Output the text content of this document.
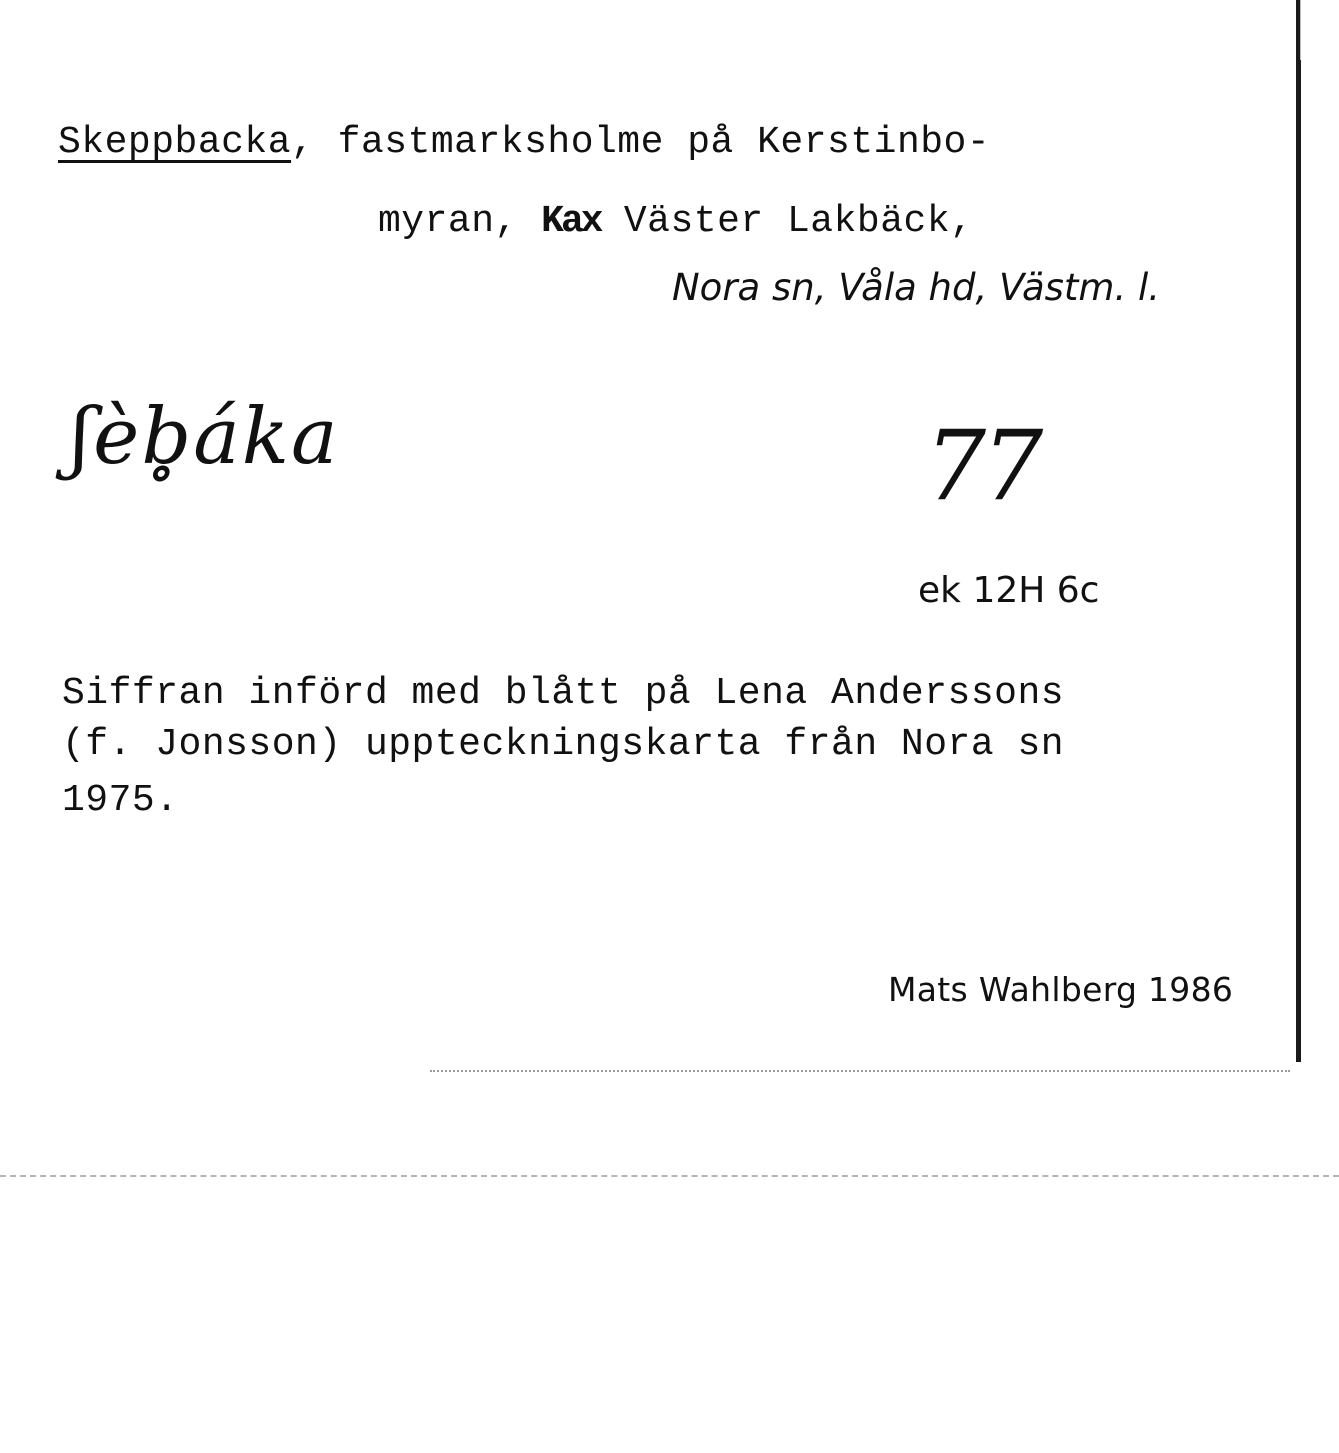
Skeppbacka, fastmarksholme på Kerstinbo-
myran, Kax Väster Lakbäck,
Nora sn, Våla hd, Västm. l.
ʃèb̥áka	77
ek 12H 6c
Siffran införd med blått på Lena Anderssons
(f. Jonsson) uppteckningskarta från Nora sn
1975.
Mats Wahlberg 1986
